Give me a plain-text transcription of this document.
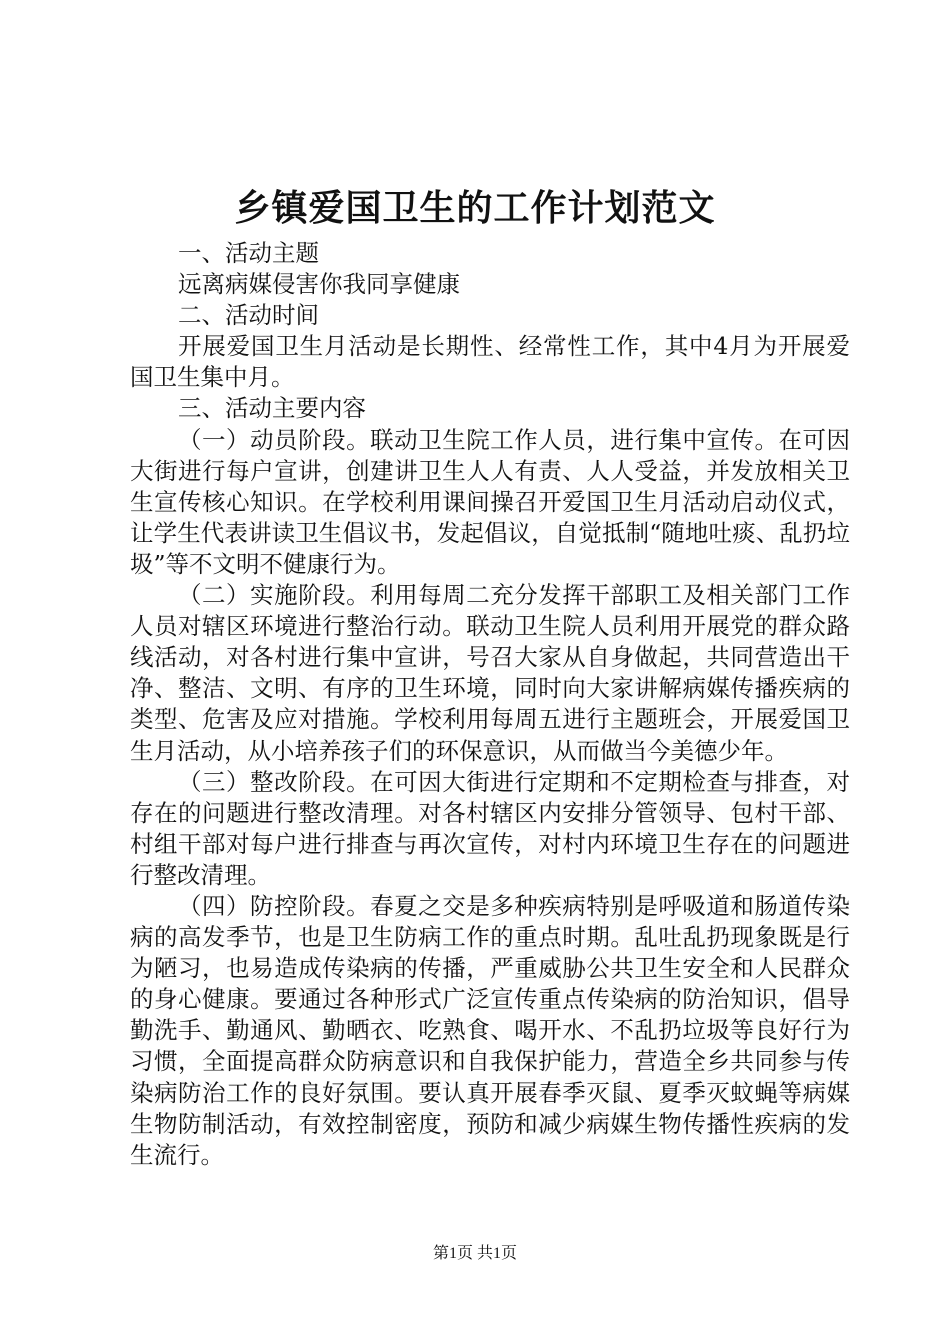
乡镇爱国卫生的工作计划范文

一、活动主题

远离病媒侵害你我同享健康

二、活动时间

开展爱国卫生月活动是长期性、经常性工作，其中4月为开展爱国卫生集中月。

三、活动主要内容

（一）动员阶段。联动卫生院工作人员，进行集中宣传。在可因大街进行每户宣讲，创建讲卫生人人有责、人人受益，并发放相关卫生宣传核心知识。在学校利用课间操召开爱国卫生月活动启动仪式，让学生代表讲读卫生倡议书，发起倡议，自觉抵制“随地吐痰、乱扔垃圾”等不文明不健康行为。

（二）实施阶段。利用每周二充分发挥干部职工及相关部门工作人员对辖区环境进行整治行动。联动卫生院人员利用开展党的群众路线活动，对各村进行集中宣讲，号召大家从自身做起，共同营造出干净、整洁、文明、有序的卫生环境，同时向大家讲解病媒传播疾病的类型、危害及应对措施。学校利用每周五进行主题班会，开展爱国卫生月活动，从小培养孩子们的环保意识，从而做当今美德少年。

（三）整改阶段。在可因大街进行定期和不定期检查与排查，对存在的问题进行整改清理。对各村辖区内安排分管领导、包村干部、村组干部对每户进行排查与再次宣传，对村内环境卫生存在的问题进行整改清理。

（四）防控阶段。春夏之交是多种疾病特别是呼吸道和肠道传染病的高发季节，也是卫生防病工作的重点时期。乱吐乱扔现象既是行为陋习，也易造成传染病的传播，严重威胁公共卫生安全和人民群众的身心健康。要通过各种形式广泛宣传重点传染病的防治知识，倡导勤洗手、勤通风、勤晒衣、吃熟食、喝开水、不乱扔垃圾等良好行为习惯，全面提高群众防病意识和自我保护能力，营造全乡共同参与传染病防治工作的良好氛围。要认真开展春季灭鼠、夏季灭蚊蝇等病媒生物防制活动，有效控制密度，预防和减少病媒生物传播性疾病的发生流行。

第1页 共1页
